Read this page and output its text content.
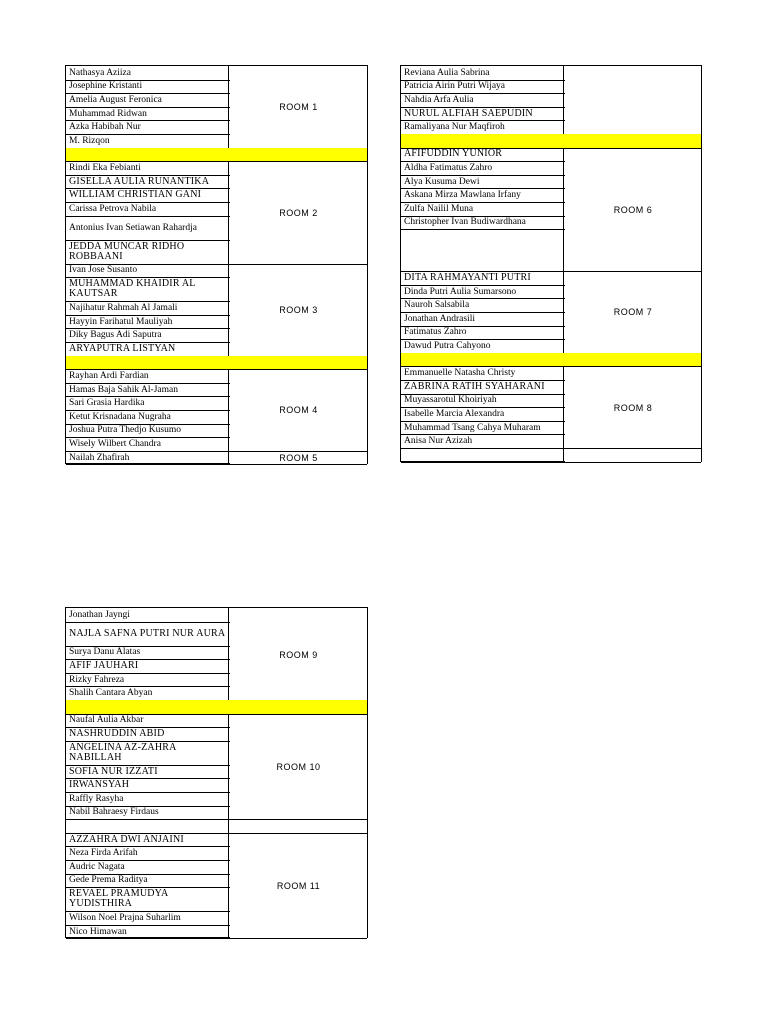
Nathasya Aziiza
Josephine Kristanti
Amelia August Feronica
Muhammad Ridwan
Azka Habibah Nur
M. Rizqon
Rindi Eka Febianti
GISELLA AULIA RUNANTIKA
WILLIAM CHRISTIAN GANI
Carissa Petrova Nabila
Antonius Ivan Setiawan Rahardja
JEDDA MUNCAR RIDHO ROBBAANI
Ivan Jose Susanto
MUHAMMAD KHAIDIR AL KAUTSAR
Najihatur Rahmah Al Jamali
Hayyin Farihatul Mauliyah
Diky Bagus Adi Saputra
ARYAPUTRA LISTYAN
Rayhan Ardi Fardian
Hamas Baja Sahik Al-Jaman
Sari Grasia Hardika
Ketut Krisnadana Nugraha
Joshua Putra Thedjo Kusumo
Wisely Wilbert Chandra
Nailah Zhafirah
ROOM 1
ROOM 2
ROOM 3
ROOM 4
ROOM 5
Reviana Aulia Sabrina
Patricia Airin Putri Wijaya
Nahdia Arfa Aulia
NURUL ALFIAH SAEPUDIN
Ramaliyana Nur Maqfiroh
AFIFUDDIN YUNIOR
Aldha Fatimatus Zahro
Alya Kusuma Dewi
Askana Mirza Mawlana Irfany
Zulfa Nailil Muna
Christopher Ivan Budiwardhana
DITA RAHMAYANTI PUTRI
Dinda Putri Aulia Sumarsono
Nauroh Salsabila
Jonathan Andrasili
Fatimatus Zahro
Dawud Putra Cahyono
Emmanuelle Natasha Christy
ZABRINA RATIH SYAHARANI
Muyassarotul Khoiriyah
Isabelle Marcia Alexandra
Muhammad Tsang Cahya Muharam
Anisa Nur Azizah
ROOM 6
ROOM 7
ROOM 8
Jonathan Jayngi
NAJLA SAFNA PUTRI NUR AURA
Surya Danu Alatas
AFIF JAUHARI
Rizky Fahreza
Shalih Cantara Abyan
Naufal Aulia Akbar
NASHRUDDIN ABID
ANGELINA AZ-ZAHRA NABILLAH
SOFIA NUR IZZATI
IRWANSYAH
Raffly Rasyha
Nabil Bahraesy Firdaus
AZZAHRA DWI ANJAINI
Neza Firda Arifah
Audric Nagata
Gede Prema Raditya
REVAEL PRAMUDYA YUDISTHIRA
Wilson Noel Prajna Suharlim
Nico Himawan
ROOM 9
ROOM 10
ROOM 11
